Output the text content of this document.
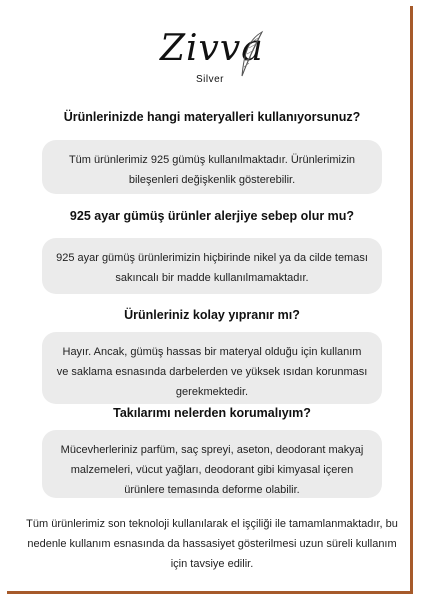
Zivva
Silver
Ürünlerinizde hangi materyalleri kullanıyorsunuz?
Tüm ürünlerimiz 925 gümüş kullanılmaktadır. Ürünlerimizin bileşenleri değişkenlik gösterebilir.
925 ayar gümüş ürünler alerjiye sebep olur mu?
925 ayar gümüş ürünlerimizin hiçbirinde nikel ya da cilde teması sakıncalı bir madde kullanılmamaktadır.
Ürünleriniz kolay yıpranır mı?
Hayır. Ancak, gümüş hassas bir materyal olduğu için kullanım ve saklama esnasında darbelerden ve yüksek ısıdan korunması gerekmektedir.
Takılarımı nelerden korumalıyım?
Mücevherleriniz parfüm, saç spreyi, aseton, deodorant makyaj malzemeleri, vücut yağları, deodorant gibi kimyasal içeren ürünlere temasında deforme olabilir.
Tüm ürünlerimiz son teknoloji kullanılarak el işçiliği ile tamamlanmaktadır, bu nedenle kullanım esnasında da hassasiyet gösterilmesi uzun süreli kullanım için tavsiye edilir.
